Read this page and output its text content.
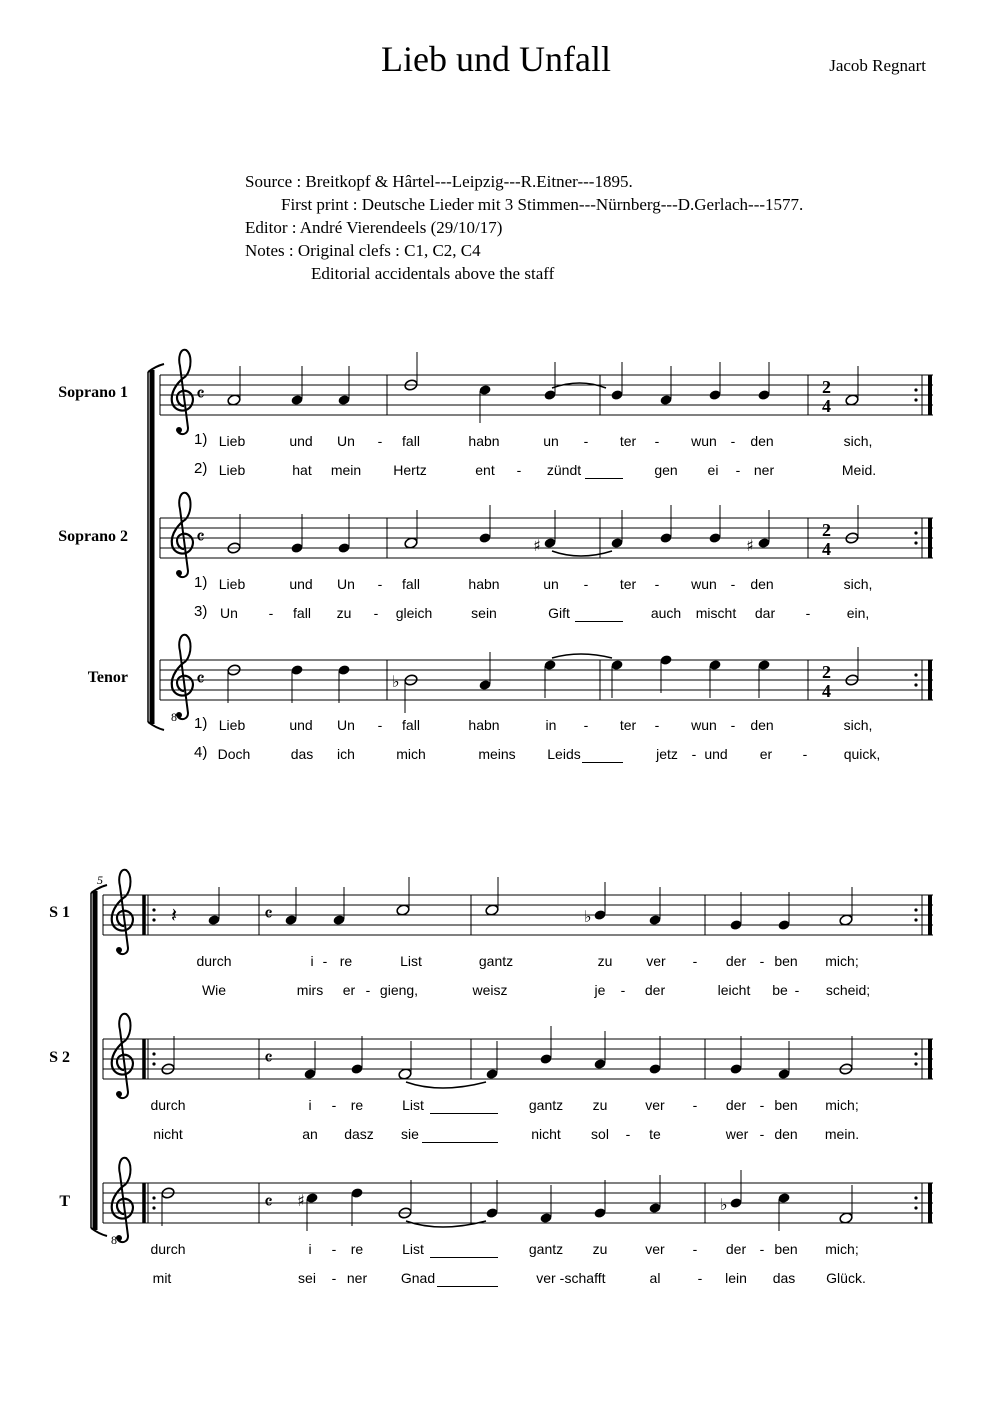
Lieb und Unfall	Jacob Regnart
Source : Breitkopf & Hârtel---Leipzig---R.Eitner---1895.
First print : Deutsche Lieder mit 3 Stimmen---Nürnberg---D.Gerlach---1577.
Editor : André Vierendeels (29/10/17)
Notes : Original clefs : C1, C2, C4
Editorial accidentals above the staff
Soprano 1
Soprano 2
Tenor
S 1
S 2
T
𝄴	2
4
𝄴	2
4
♯	♯
8
𝄴	2
4
♭
5
𝄽	𝄴	♭
𝄴
8
𝄴 ♯	♭
1) Lieb	und Un - fall	habn	un - ter - wun - den	sich,
2) Lieb	hat mein Hertz	ent - zündt	gen ei - ner	Meid.
1) Lieb	und Un - fall	habn	un - ter - wun - den	sich,
3) Un - fall zu - gleich	sein	Gift	auch mischt dar -	ein,
1) Lieb	und Un - fall	habn	in - ter - wun - den	sich,
4) Doch	das ich	mich	meins Leids	jetz - und er -	quick,
durch	i - re	List	gantz	zu ver - der - ben mich;
Wie	mirs er - gieng,	weisz	je - der	leicht be - scheid;
durch	i - re	List	gantz zu	ver - der - ben mich;
nicht	an dasz sie	nicht sol - te	wer - den mein.
durch	i - re	List	gantz zu	ver - der - ben mich;
mit	sei - ner Gnad	ver - schafft	al	- lein das Glück.
